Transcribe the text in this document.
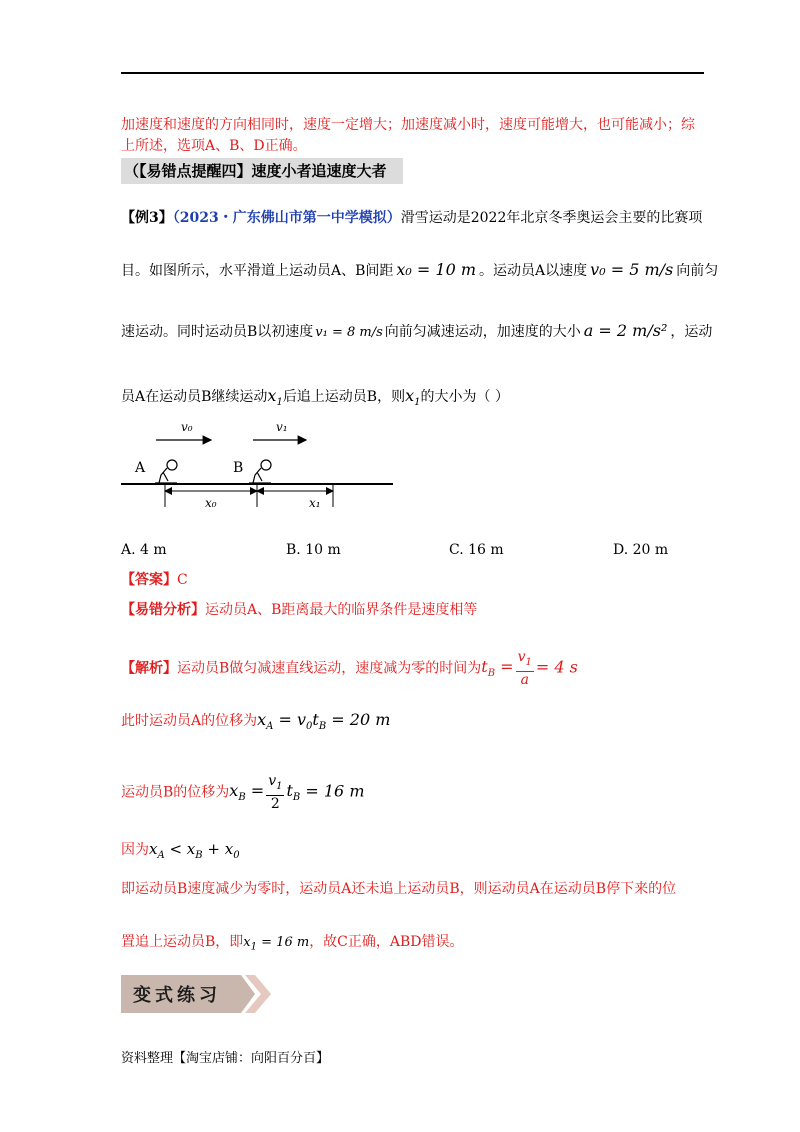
加速度和速度的方向相同时，速度一定增大；加速度减小时，速度可能增大，也可能减小；综
上所述，选项A、B、D正确。
（【易错点提醒四】速度小者追速度大者
【例3】（2023・广东佛山市第一中学模拟）滑雪运动是2022年北京冬季奥运会主要的比赛项
目。如图所示，水平滑道上运动员A、B间距 x₀ = 10 m 。运动员A以速度 v₀ = 5 m/s 向前匀
速运动。同时运动员B以初速度 v₁ = 8 m/s 向前匀减速运动，加速度的大小 a = 2 m/s² ，运动
员A在运动员B继续运动$x_1$后追上运动员B，则$x_1$的大小为（ ）
v₀	v₁
A	B
x₀	x₁
A. 4 m	B. 10 m	C. 16 m	D. 20 m
【答案】C
【易错分析】运动员A、B距离最大的临界条件是速度相等
【解析】运动员B做匀减速直线运动，速度减为零的时间为$t_B = \frac{v_1}{a} = 4$ s
此时运动员A的位移为$x_A = v_0t_B = 20$ m
运动员B的位移为$x_B = \frac{v_1}{2} t_B = 16$ m
因为$x_A < x_B + x_0$
即运动员B速度减少为零时，运动员A还未追上运动员B，则运动员A在运动员B停下来的位
置追上运动员B，即$x_1 = 16$ m，故C正确，ABD错误。
变式练习
资料整理【淘宝店铺：向阳百分百】
